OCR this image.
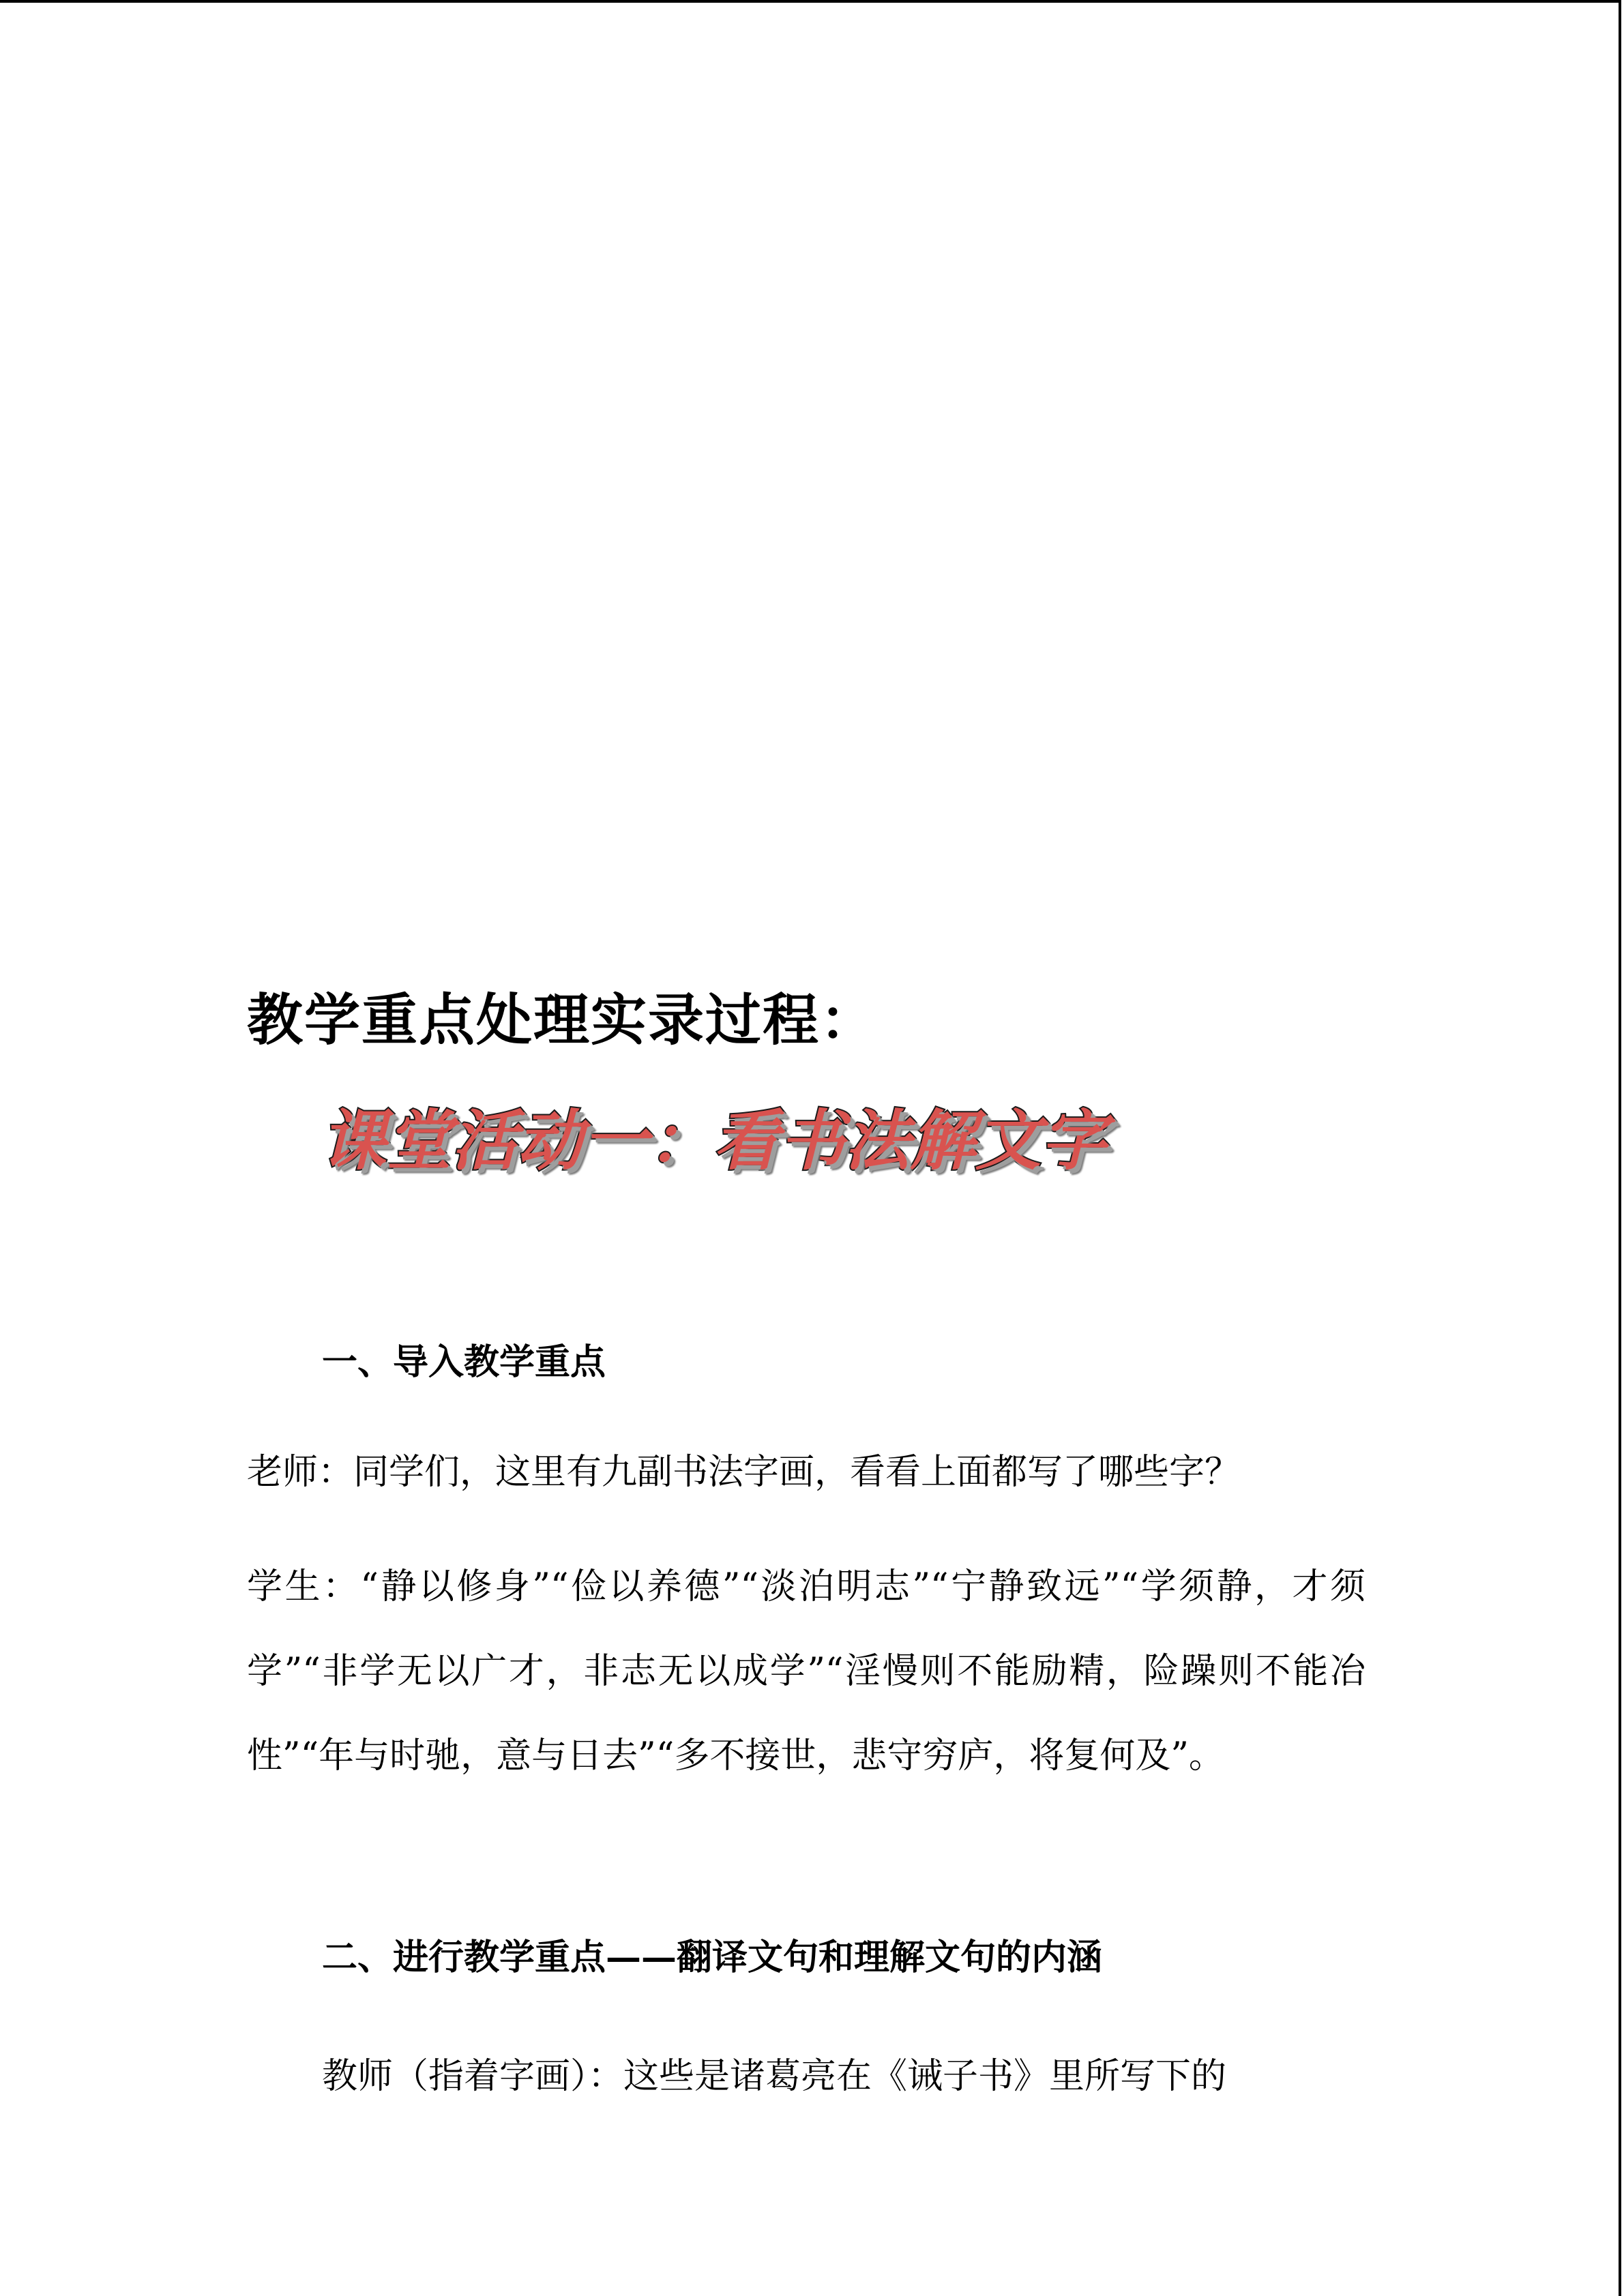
教学重点处理实录过程：
课堂活动一：看书法解文字
一、导入教学重点
老师：同学们，这里有九副书法字画，看看上面都写了哪些字？
学生：“静以修身”“俭以养德”“淡泊明志”“宁静致远”“学须静，才须学”“非学无以广才，非志无以成学”“淫慢则不能励精，险躁则不能冶性”“年与时驰，意与日去”“多不接世，悲守穷庐，将复何及”。
二、进行教学重点——翻译文句和理解文句的内涵
教师（指着字画）：这些是诸葛亮在《诫子书》里所写下的
